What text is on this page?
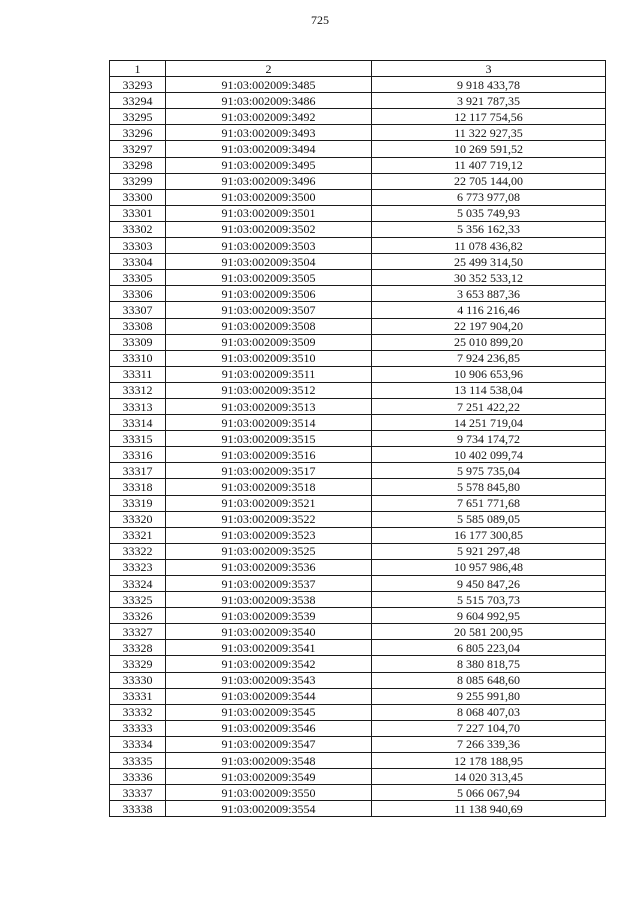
725
1	2	3
33293	91:03:002009:3485	9 918 433,78
33294	91:03:002009:3486	3 921 787,35
33295	91:03:002009:3492	12 117 754,56
33296	91:03:002009:3493	11 322 927,35
33297	91:03:002009:3494	10 269 591,52
33298	91:03:002009:3495	11 407 719,12
33299	91:03:002009:3496	22 705 144,00
33300	91:03:002009:3500	6 773 977,08
33301	91:03:002009:3501	5 035 749,93
33302	91:03:002009:3502	5 356 162,33
33303	91:03:002009:3503	11 078 436,82
33304	91:03:002009:3504	25 499 314,50
33305	91:03:002009:3505	30 352 533,12
33306	91:03:002009:3506	3 653 887,36
33307	91:03:002009:3507	4 116 216,46
33308	91:03:002009:3508	22 197 904,20
33309	91:03:002009:3509	25 010 899,20
33310	91:03:002009:3510	7 924 236,85
33311	91:03:002009:3511	10 906 653,96
33312	91:03:002009:3512	13 114 538,04
33313	91:03:002009:3513	7 251 422,22
33314	91:03:002009:3514	14 251 719,04
33315	91:03:002009:3515	9 734 174,72
33316	91:03:002009:3516	10 402 099,74
33317	91:03:002009:3517	5 975 735,04
33318	91:03:002009:3518	5 578 845,80
33319	91:03:002009:3521	7 651 771,68
33320	91:03:002009:3522	5 585 089,05
33321	91:03:002009:3523	16 177 300,85
33322	91:03:002009:3525	5 921 297,48
33323	91:03:002009:3536	10 957 986,48
33324	91:03:002009:3537	9 450 847,26
33325	91:03:002009:3538	5 515 703,73
33326	91:03:002009:3539	9 604 992,95
33327	91:03:002009:3540	20 581 200,95
33328	91:03:002009:3541	6 805 223,04
33329	91:03:002009:3542	8 380 818,75
33330	91:03:002009:3543	8 085 648,60
33331	91:03:002009:3544	9 255 991,80
33332	91:03:002009:3545	8 068 407,03
33333	91:03:002009:3546	7 227 104,70
33334	91:03:002009:3547	7 266 339,36
33335	91:03:002009:3548	12 178 188,95
33336	91:03:002009:3549	14 020 313,45
33337	91:03:002009:3550	5 066 067,94
33338	91:03:002009:3554	11 138 940,69
